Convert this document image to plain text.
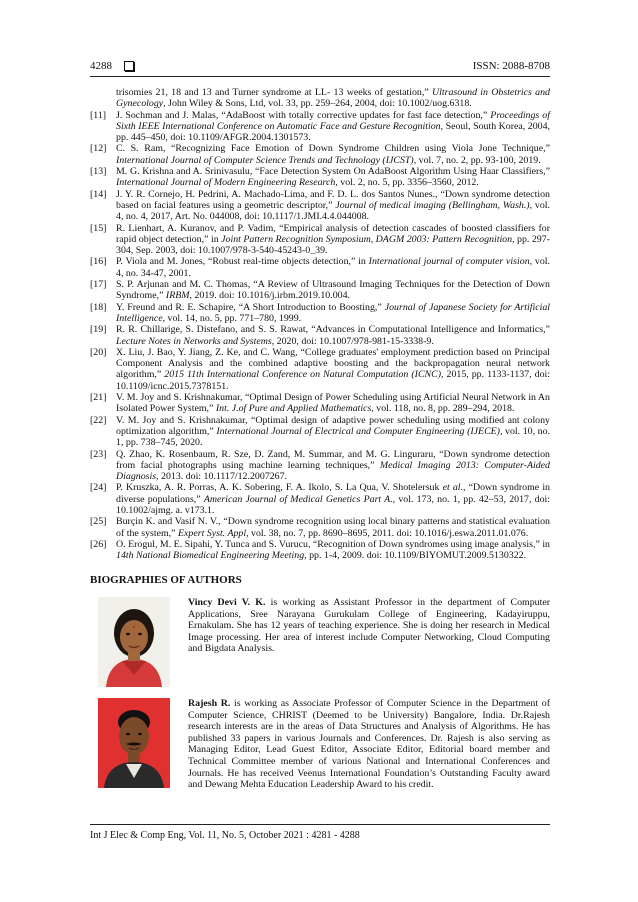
4288	ISSN: 2088-8708
trisomies 21, 18 and 13 and Turner syndrome at LL- 13 weeks of gestation,” Ultrasound in Obstetrics and Gynecology, John Wiley & Sons, Ltd, vol. 33, pp. 259–264, 2004, doi: 10.1002/uog.6318.
[11]	J. Sochman and J. Malas, “AdaBoost with totally corrective updates for fast face detection,” Proceedings of Sixth IEEE International Conference on Automatic Face and Gesture Recognition, Seoul, South Korea, 2004, pp. 445–450, doi: 10.1109/AFGR.2004.1301573.
[12] C. S. Ram, “Recognizing Face Emotion of Down Syndrome Children using Viola Jone Technique,” International Journal of Computer Science Trends and Technology (IJCST), vol. 7, no. 2, pp. 93-100, 2019.
[13] M. G. Krishna and A. Srinivasulu, “Face Detection System On AdaBoost Algorithm Using Haar Classifiers,” International Journal of Modern Engineering Research, vol. 2, no. 5, pp. 3356–3560, 2012.
[14] J. Y. R. Cornejo, H. Pedrini, A. Machado-Lima, and F. D. L. dos Santos Nunes., “Down syndrome detection based on facial features using a geometric descriptor,” Journal of medical imaging (Bellingham, Wash.), vol. 4, no. 4, 2017, Art. No. 044008, doi: 10.1117/1.JMI.4.4.044008.
[15] R. Lienhart, A. Kuranov, and P. Vadim, “Empirical analysis of detection cascades of boosted classifiers for rapid object detection,” in Joint Pattern Recognition Symposium, DAGM 2003: Pattern Recognition, pp. 297-304, Sep. 2003, doi: 10.1007/978-3-540-45243-0_39.
[16] P. Viola and M. Jones, “Robust real-time objects detection,” in International journal of computer vision, vol. 4, no. 34-47, 2001.
[17] S. P. Arjunan and M. C. Thomas, “A Review of Ultrasound Imaging Techniques for the Detection of Down Syndrome,” IRBM, 2019. doi: 10.1016/j.irbm.2019.10.004.
[18] Y. Freund and R. E. Schapire, “A Short Introduction to Boosting,” Journal of Japanese Society for Artificial Intelligence, vol. 14, no. 5, pp. 771–780, 1999.
[19] R. R. Chillarige, S. Distefano, and S. S. Rawat, “Advances in Computational Intelligence and Informatics,” Lecture Notes in Networks and Systems, 2020, doi: 10.1007/978-981-15-3338-9.
[20] X. Liu, J. Bao, Y. Jiang, Z. Ke, and C. Wang, “College graduates' employment prediction based on Principal Component Analysis and the combined adaptive boosting and the backpropagation neural network algorithm,” 2015 11th International Conference on Natural Computation (ICNC), 2015, pp. 1133-1137, doi: 10.1109/icnc.2015.7378151.
[21] V. M. Joy and S. Krishnakumar, “Optimal Design of Power Scheduling using Artificial Neural Network in An Isolated Power System,” Int. J.of Pure and Applied Mathematics, vol. 118, no. 8, pp. 289–294, 2018.
[22] V. M. Joy and S. Krishnakumar, “Optimal design of adaptive power scheduling using modified ant colony optimization algorithm,” International Journal of Electrical and Computer Engineering (IJECE), vol. 10, no. 1, pp. 738–745, 2020.
[23] Q. Zhao, K. Rosenbaum, R. Sze, D. Zand, M. Summar, and M. G. Linguraru, “Down syndrome detection from facial photographs using machine learning techniques,” Medical Imaging 2013: Computer-Aided Diagnosis, 2013. doi: 10.1117/12.2007267.
[24] P. Kruszka, A. R. Porras, A. K. Sobering, F. A. Ikolo, S. La Qua, V. Shotelersuk et al., “Down syndrome in diverse populations,” American Journal of Medical Genetics Part A., vol. 173, no. 1, pp. 42–53, 2017, doi: 10.1002/ajmg. a. v173.1.
[25] Burçin K. and Vasif N. V., “Down syndrome recognition using local binary patterns and statistical evaluation of the system,” Expert Syst. Appl, vol. 38, no. 7, pp. 8690–8695, 2011. doi: 10.1016/j.eswa.2011.01.076.
[26] O. Erogul, M. E. Sipahi, Y. Tunca and S. Vurucu, “Recognition of Down syndromes using image analysis,” in 14th National Biomedical Engineering Meeting, pp. 1-4, 2009. doi: 10.1109/BIYOMUT.2009.5130322.
BIOGRAPHIES OF AUTHORS
Vincy Devi V. K. is working as Assistant Professor in the department of Computer Applications, Sree Narayana Gurukulam College of Engineering, Kadayiruppu, Ernakulam. She has 12 years of teaching experience. She is doing her research in Medical Image processing. Her area of interest include Computer Networking, Cloud Computing and Bigdata Analysis.
Rajesh R. is working as Associate Professor of Computer Science in the Department of Computer Science, CHRIST (Deemed to be University) Bangalore, India. Dr.Rajesh research interests are in the areas of Data Structures and Analysis of Algorithms. He has published 33 papers in various Journals and Conferences. Dr. Rajesh is also serving as Managing Editor, Lead Guest Editor, Associate Editor, Editorial board member and Technical Committee member of various National and International Conferences and Journals. He has received Veenus International Foundation’s Outstanding Faculty award and Dewang Mehta Education Leadership Award to his credit.
Int J Elec & Comp Eng, Vol. 11, No. 5, October 2021 : 4281 - 4288
